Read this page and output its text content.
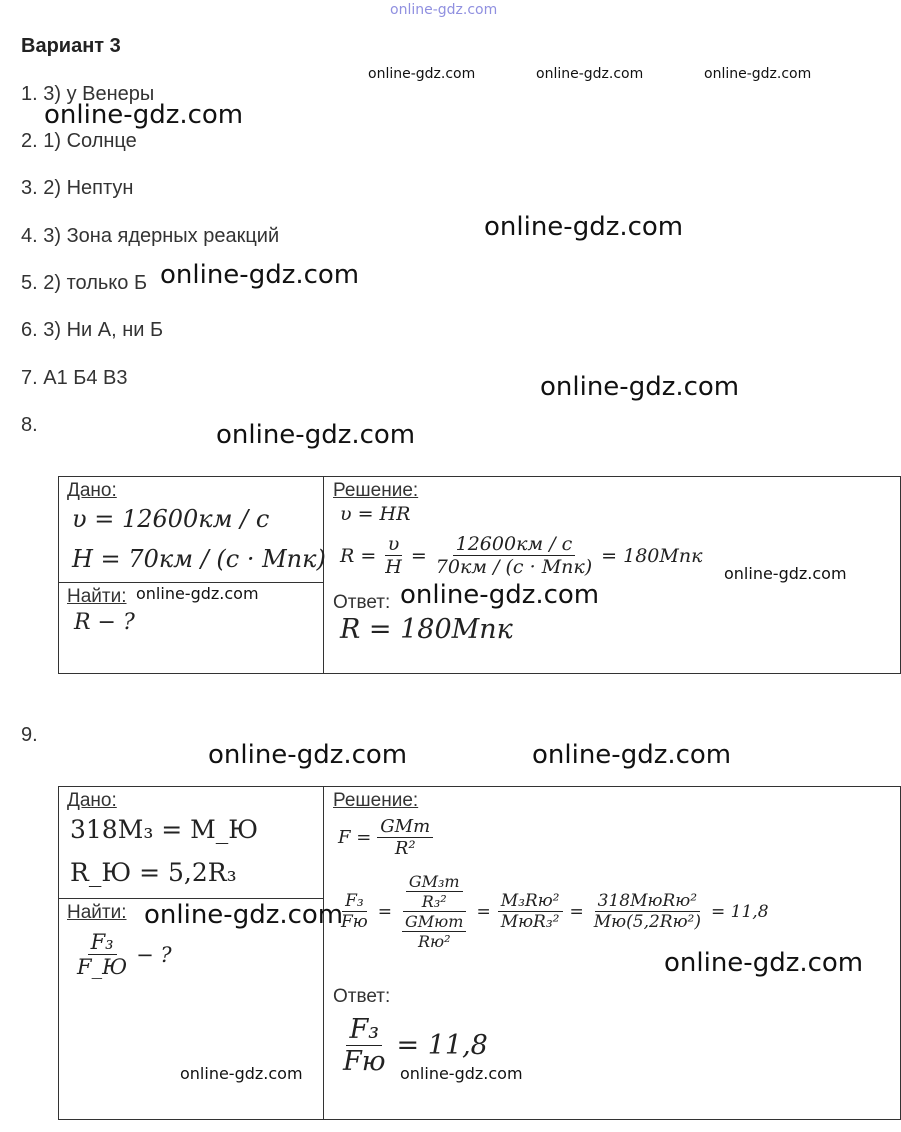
online-gdz.com
Вариант 3
online-gdz.com	online-gdz.com	online-gdz.com
1. 3) у Венеры
2. 1) Солнце
3. 2) Нептун
4. 3) Зона ядерных реакций
5. 2) только Б
6. 3) Ни А, ни Б
7. А1 Б4 В3
8.
online-gdz.com
online-gdz.com
online-gdz.com
online-gdz.com
online-gdz.com
Дано:
υ = 12600км / с
Н = 70км / (с · Мпк)
Найти:
R − ?
Решение:
υ = HR
$R = \frac{\upsilon}{H} = \frac{12600км / с}{\text{70км / (с · Мпк)}} = 180Мпк$
online-gdz.com
online-gdz.com	Ответ: online-gdz.com
R = 180Мпк
9.
online-gdz.com	online-gdz.com
Дано:
318М₃ = М_Ю
R_Ю = 5,2R₃
Найти:
$\frac{\text{F₃}}{F\_Ю}$ − ?
Решение:
$F = \frac{\text{GMm}}{\text{R²}}$
$\frac{\text{F₃}}{Fю} = \frac{\frac{\text{GM₃m}}{\text{R₃²}}}{\frac{\text{GMюm}}{\text{Rю²}}} = \frac{\text{M₃Rю²}}{\text{MюR₃²}} = \frac{\text{318MюRю²}}{\text{Mю(5,2Rю²)}} = 11,8$
online-gdz.com
online-gdz.com
Ответ:
$\frac{\text{F₃}}{Fю} = 11,8$
online-gdz.com	online-gdz.com
